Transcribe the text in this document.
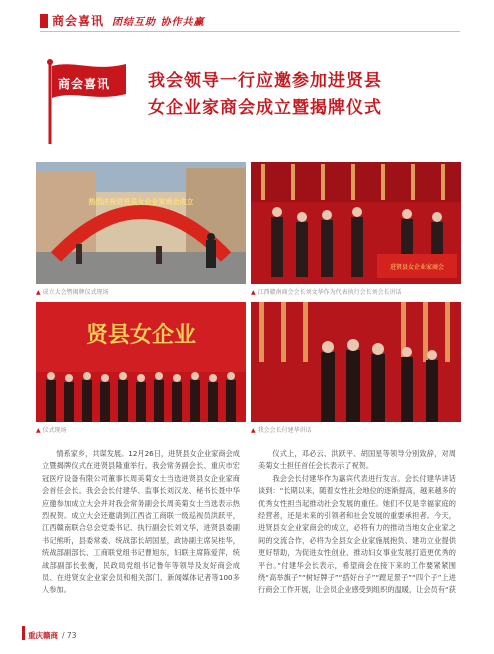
商会喜讯 团结互助 协作共赢
商会喜讯 我会领导一行应邀参加进贤县
女企业家商会成立暨揭牌仪式
热烈庆祝进贤县女企业家商会成立
▲ 成立大会暨揭牌仪式现场
进贤县女企业家商会
▲ 江西赣南商会会长刘文华作为代表执行会长刘会长讲话
贤县女企业
▲ 仪式现场	▲ 我会会长付建华讲话

情系家乡，共谋发展。12月26日，进贤县女企业家商会成立暨揭牌仪式在进贤县隆重举行。我会常务副会长、重庆市宏冠医疗设备有限公司董事长周美菊女士当选进贤县女企业家商会首任会长。我会会长付建华、监事长刘汉龙、秘书长聂中华应邀参加成立大会并对我会常务副会长周美菊女士当选表示热烈祝贺。成立大会还邀请到江西省工商联一级巡视员洪跃平，江西赣南联合总会党委书记、执行副会长刘文华，进贤县委副书记熊昕，县委常委、统战部长胡国星，政协副主席吴桂华，统战部副部长、工商联党组书记曹旭东，妇联主席陈爱萍，统战部副部长张衡，民政局党组书记鲁年等领导及友好商会成员、在进贤女企业家会员和相关部门、新闻媒体记者等100多人参加。

仪式上，邓必云、洪跃平、胡国星等领导分别致辞，对周美菊女士担任首任会长表示了祝贺。

我会会长付建华作为嘉宾代表进行发言。会长付建华讲话谈到：“长期以来，随着女性社会地位的逐渐提高，越来越多的优秀女性担当起推动社会发展的重任。她们不仅是幸福家庭的经营者，还是未来的引领者和社会发展的重要承担者。今天，进贤县女企业家商会的成立，必将有力的推动当地女企业家之间的交流合作，必将为全县女企业家施展抱负、建功立业提供更好帮助，为促进女性创业、推动妇女事业发展打造更优秀的平台。”付建华会长表示，希望商会在接下来的工作要紧紧围绕“高举旗子”“树好牌子”“搭好台子”“蹚足景子”“四个子”上进行商会工作开展，让会员企业感受到组织的温暖，让会员有“获

重庆赣商 / 73
